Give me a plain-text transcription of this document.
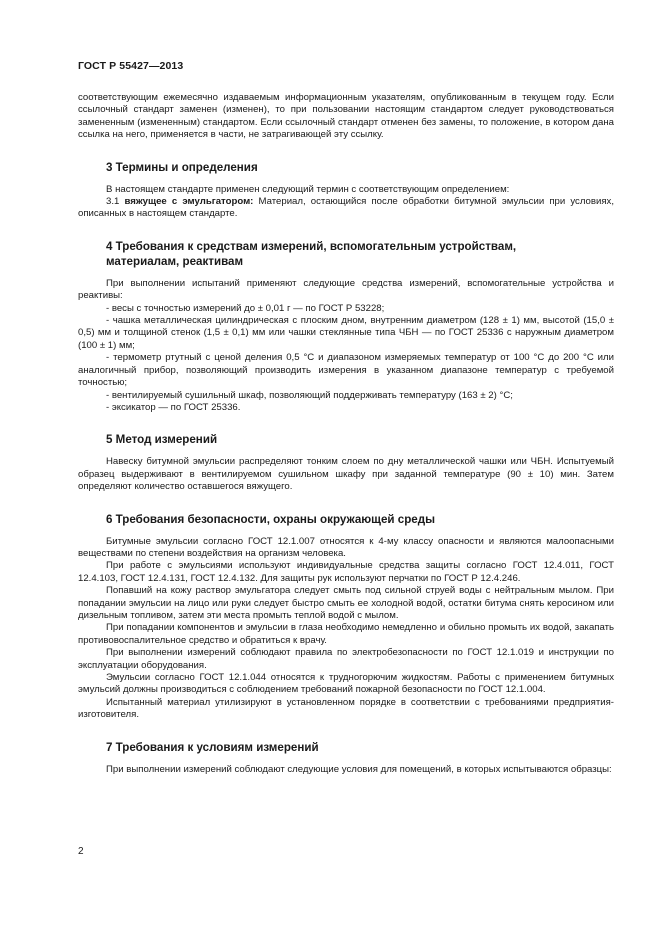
ГОСТ Р 55427—2013

соответствующим ежемесячно издаваемым информационным указателям, опубликованным в текущем году. Если ссылочный стандарт заменен (изменен), то при пользовании настоящим стандартом следует руководствоваться замененным (измененным) стандартом. Если ссылочный стандарт отменен без замены, то положение, в котором дана ссылка на него, применяется в части, не затрагивающей эту ссылку.

3 Термины и определения

В настоящем стандарте применен следующий термин с соответствующим определением:

3.1 вяжущее с эмульгатором: Материал, остающийся после обработки битумной эмульсии при условиях, описанных в настоящем стандарте.

4 Требования к средствам измерений, вспомогательным устройствам,
материалам, реактивам

При выполнении испытаний применяют следующие средства измерений, вспомогательные устройства и реактивы:

- весы с точностью измерений до ± 0,01 г — по ГОСТ Р 53228;

- чашка металлическая цилиндрическая с плоским дном, внутренним диаметром (128 ± 1) мм, высотой (15,0 ± 0,5) мм и толщиной стенок (1,5 ± 0,1) мм или чашки стеклянные типа ЧБН — по ГОСТ 25336 с наружным диаметром (100 ± 1) мм;

- термометр ртутный с ценой деления 0,5 °С и диапазоном измеряемых температур от 100 °С до 200 °С или аналогичный прибор, позволяющий производить измерения в указанном диапазоне температур с требуемой точностью;

- вентилируемый сушильный шкаф, позволяющий поддерживать температуру (163 ± 2) °С;

- эксикатор — по ГОСТ 25336.

5 Метод измерений

Навеску битумной эмульсии распределяют тонким слоем по дну металлической чашки или ЧБН. Испытуемый образец выдерживают в вентилируемом сушильном шкафу при заданной температуре (90 ± 10) мин. Затем определяют количество оставшегося вяжущего.

6 Требования безопасности, охраны окружающей среды

Битумные эмульсии согласно ГОСТ 12.1.007 относятся к 4-му классу опасности и являются малоопасными веществами по степени воздействия на организм человека.

При работе с эмульсиями используют индивидуальные средства защиты согласно ГОСТ 12.4.011, ГОСТ 12.4.103, ГОСТ 12.4.131, ГОСТ 12.4.132. Для защиты рук используют перчатки по ГОСТ Р 12.4.246.

Попавший на кожу раствор эмульгатора следует смыть под сильной струей воды с нейтральным мылом. При попадании эмульсии на лицо или руки следует быстро смыть ее холодной водой, остатки битума снять керосином или дизельным топливом, затем эти места промыть теплой водой с мылом.

При попадании компонентов и эмульсии в глаза необходимо немедленно и обильно промыть их водой, закапать противовоспалительное средство и обратиться к врачу.

При выполнении измерений соблюдают правила по электробезопасности по ГОСТ 12.1.019 и инструкции по эксплуатации оборудования.

Эмульсии согласно ГОСТ 12.1.044 относятся к трудногорючим жидкостям. Работы с применением битумных эмульсий должны производиться с соблюдением требований пожарной безопасности по ГОСТ 12.1.004.

Испытанный материал утилизируют в установленном порядке в соответствии с требованиями предприятия-изготовителя.

7 Требования к условиям измерений

При выполнении измерений соблюдают следующие условия для помещений, в которых испытываются образцы:

2
